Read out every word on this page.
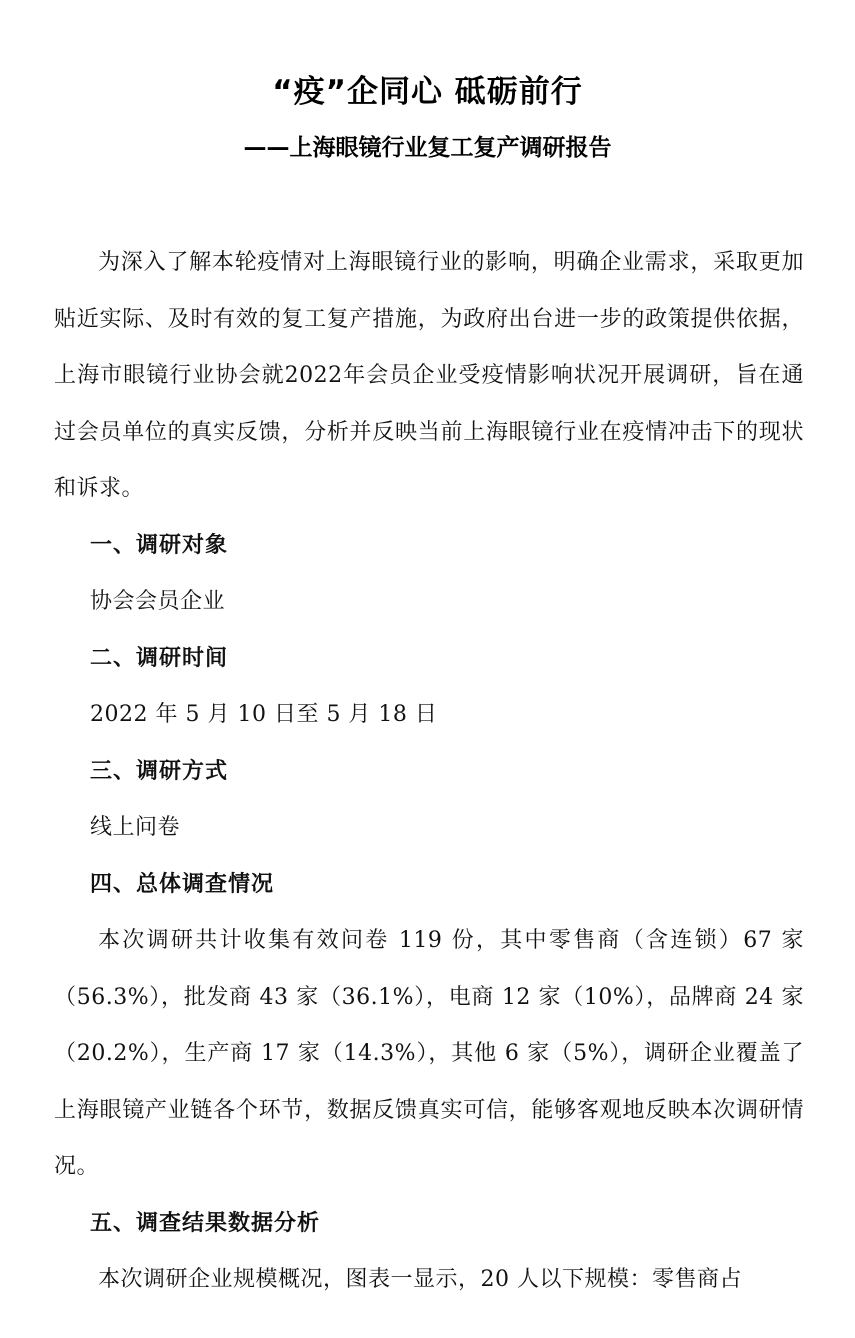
“疫”企同心 砥砺前行
——上海眼镜行业复工复产调研报告

为深入了解本轮疫情对上海眼镜行业的影响，明确企业需求，采取更加贴近实际、及时有效的复工复产措施，为政府出台进一步的政策提供依据，上海市眼镜行业协会就2022年会员企业受疫情影响状况开展调研，旨在通过会员单位的真实反馈，分析并反映当前上海眼镜行业在疫情冲击下的现状和诉求。

一、调研对象

协会会员企业

二、调研时间

2022 年 5 月 10 日至 5 月 18 日

三、调研方式

线上问卷

四、总体调查情况

本次调研共计收集有效问卷 119 份，其中零售商（含连锁）67 家（56.3%），批发商 43 家（36.1%），电商 12 家（10%），品牌商 24 家（20.2%），生产商 17 家（14.3%），其他 6 家（5%），调研企业覆盖了上海眼镜产业链各个环节，数据反馈真实可信，能够客观地反映本次调研情况。

五、调查结果数据分析

本次调研企业规模概况，图表一显示，20 人以下规模：零售商占
